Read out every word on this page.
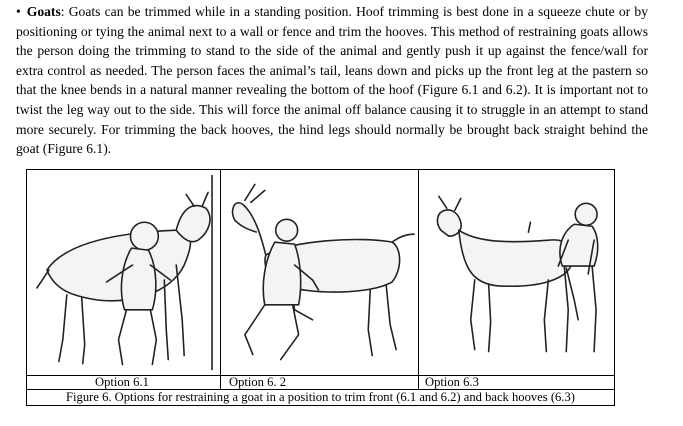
• Goats: Goats can be trimmed while in a standing position. Hoof trimming is best done in a squeeze chute or by positioning or tying the animal next to a wall or fence and trim the hooves. This method of restraining goats allows the person doing the trimming to stand to the side of the animal and gently push it up against the fence/wall for extra control as needed. The person faces the animal’s tail, leans down and picks up the front leg at the pastern so that the knee bends in a natural manner revealing the bottom of the hoof (Figure 6.1 and 6.2). It is important not to twist the leg way out to the side. This will force the animal off balance causing it to struggle in an attempt to stand more securely. For trimming the back hooves, the hind legs should normally be brought back straight behind the goat (Figure 6.1).

Option 6.1	Option 6. 2	Option 6.3
Figure 6. Options for restraining a goat in a position to trim front (6.1 and 6.2) and back hooves (6.3)		
